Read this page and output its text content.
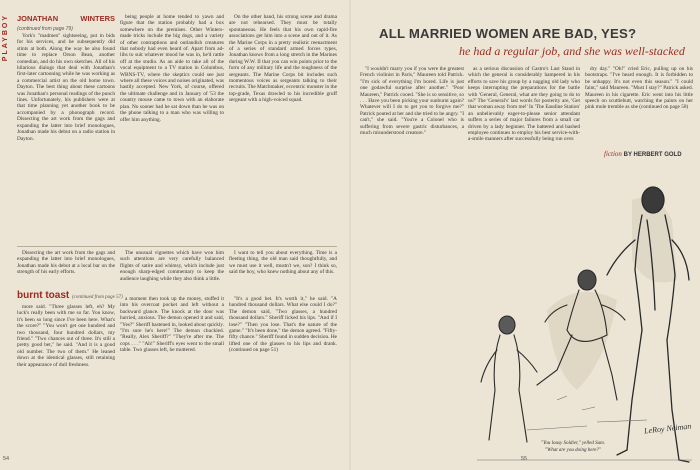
PLAYBOY	JONATHAN WINTERS (continued from page 79)

York's "madmen" sightseeing, put in bids for his services, and he subsequently did stints at both. Along the way he also found time to replace Orson Bean, another comedian, and do his own sketches. All of his hilarious dialogs that deal with Jonathan's first-later cartooning while he was working as a commercial artist on the old home town. Dayton. The best thing about these cartoons was Jonathan's personal readings of the punch lines. Unfortunately, his publishers were at that time planning yet another book to be accompanied by a phonograph record. Dissecting the art work from the gags and expanding the latter into brief monologues, Jonathan made his debut on a radio station in Dayton.

being people at home tended to yawn and figure that the station probably had a box somewhere on the premises. Other Winters-made tricks include the big dogs, and a variety of other contraptions and outlandish creatures that nobody had even heard of. Apart from ad-libs to suit whatever mood he was in, he'd rattle off at the studio. As an aide to take all of the vocal equipment to a TV station in Columbus, WBNS-TV, where the skeptics could see just where all these voices and noises originated, was hastily accepted. New York, of course, offered the ultimate challenge and in January of '53 the country mouse came to town with an elaborate plan. No sooner had he sat down than he was on the phone talking to a man who was willing to offer him anything.

On the other hand, his strong scene and drama are not rehearsed. They must be totally spontaneous. He feels that his own rapid-fire associations get him into a scene and out of it. As the Marine Corps in a pretty realistic reenactment of a series of standard armed forces types, Jonathan knows from a long stretch in the Marines during W.W. II that you can win points prior to the form of any military life and the toughness of the sergeants. The Marine Corps bit includes such momentous voices as sergeants talking to their recruits. The Matchmaker, eccentric monster in the top-grade, Texas drawled to his incredible gruff sergeant with a high-voiced squad.

Dissecting the art work from the gags and expanding the latter into brief monologues, Jonathan made his debut at a local bar on the strength of his early efforts.

The unusual vignettes which have won him such attentions are very carefully balanced flights of satire and whimsy, which include just enough sharp-edged commentary to keep the audience laughing while they also think a little.

I want to tell you about everything. Time is a fleeting thing, the old man said thoughtfully, and we must use it well, mustn't we, son? I think so, said the boy, who knew nothing about any of this.

burnt toast (continued from page 57)

more said. "Three glasses left, eh? My luck's really been with me so far. You know, it's been so long since I've been here. What's the score?" "You won't get one hundred and two thousand, four hundred dollars, my friend." "Two chances out of three. It's still a pretty good bet," he said. "And it is a good old number. The two of them." He leaned down at the identical glasses, still retaining their appearance of dull freshness.

a moment then took up the money, stuffed it into his overcoat pocket and left without a backward glance. The knock at the door was hurried, anxious. The demon opened it and said, "Yes?" Sheriff hastened in, looked about quickly. "I'm sure he's here!" The demon chuckled. "Really, Alex Sheriff?" "They're after me. The cops . . ." "Ah!" Sheriff's eyes went to the small table. Two glasses left, he muttered.

"It's a good bet. It's worth it," he said. "A hundred thousand dollars. What else could I do?" The demon said, "Two glasses, a hundred thousand dollars." Sheriff licked his lips. "And if I lose?" "Then you lose. That's the nature of the game." "It's been done," the demon agreed. "Fifty-fifty chance." Sheriff found in sudden decision. He lifted one of the glasses to his lips and drank. (continued on page 51)

54
ALL MARRIED WOMEN ARE BAD, YES?
he had a regular job, and she was well-stacked

"I wouldn't marry you if you were the greatest French violinist in Paris," Maureen told Patrick. "I'm sick of everything I'm bored. Life is just one godawful surprise after another." "Poor Maureen," Patrick cooed. "She is so sensitive, so . . . Have you been picking your sunburnt again? Whatever will I do to get you to forgive me?" Patrick pouted at her and she tried to be angry. "I can't," she said. "You're a Colonel who is suffering from severe gastric disturbances, a much misunderstood creature."

as a serious discussion of Castro's Last Stand in which the general is considerably hampered in his efforts to save his group by a nagging old lady who keeps interrupting the preparations for the battle with 'General, General, what are they going to do to us?' The 'General's' last words for posterity are, 'Get that woman away from me!' In 'The Eaudine Station' an unbelievably eager-to-please senior attendant suffers a series of major failures from a small car driven by a lady beginner. The battered and bashed employee continues to employ his best service-with-a-smile manners after successfully being run over.

dry day." "Oh!" cried Eric, pulling up on his bootstraps. "I've heard enough. It is forbidden to be unhappy. It's not even this season." "I could faint," said Maureen. "Must I stay?" Patrick asked. Maureen in his cigarette. Eric went into his little speech on scuttlebutt, watching the paints on her pink mule tremble as she (continued on page 58)

fiction BY HERBERT GOLD
"You lousy Soldier," yelled Sam.
"What are you doing here?"
LeRoy Neiman
55
